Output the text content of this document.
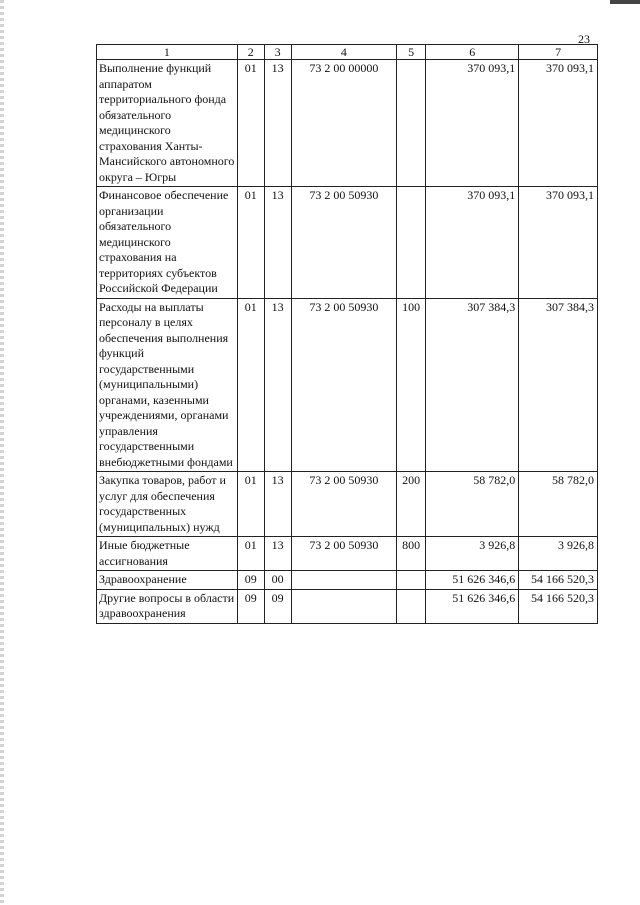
23
1	2	3	4	5	6	7
Выполнение функций аппаратом территориального фонда обязательного медицинского страхования Ханты-Мансийского автономного округа – Югры	01	13	73 2 00 00000		370 093,1	370 093,1
Финансовое обеспечение организации обязательного медицинского страхования на территориях субъектов Российской Федерации	01	13	73 2 00 50930		370 093,1	370 093,1
Расходы на выплаты персоналу в целях обеспечения выполнения функций государственными (муниципальными) органами, казенными учреждениями, органами управления государственными внебюджетными фондами	01	13	73 2 00 50930	100	307 384,3	307 384,3
Закупка товаров, работ и услуг для обеспечения государственных (муниципальных) нужд	01	13	73 2 00 50930	200	58 782,0	58 782,0
Иные бюджетные ассигнования	01	13	73 2 00 50930	800	3 926,8	3 926,8
Здравоохранение	09	00			51 626 346,6	54 166 520,3
Другие вопросы в области здравоохранения	09	09			51 626 346,6	54 166 520,3
